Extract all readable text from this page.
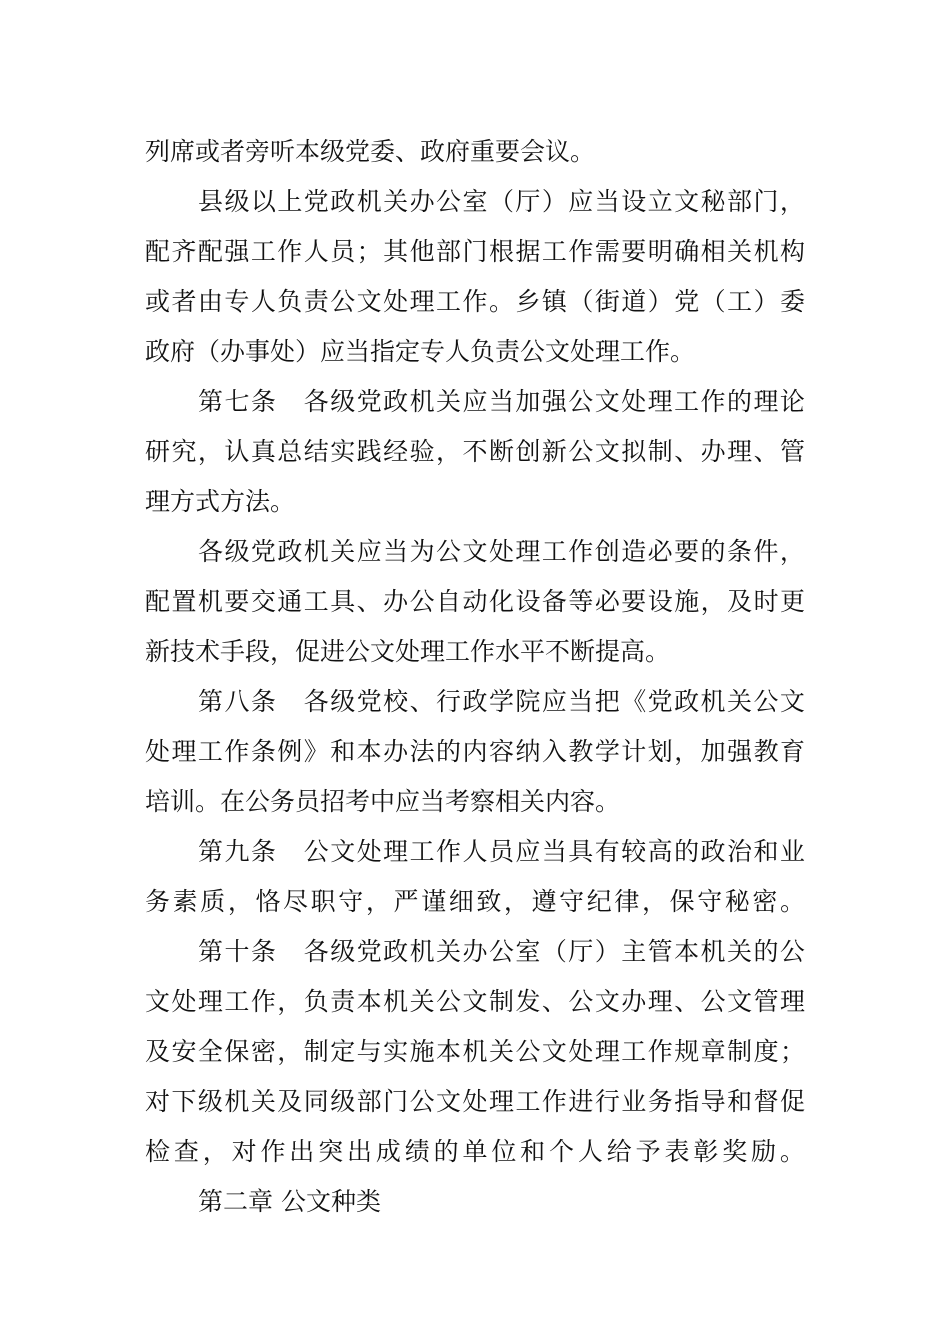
列席或者旁听本级党委、政府重要会议。
县级以上党政机关办公室（厅）应当设立文秘部门，
配齐配强工作人员；其他部门根据工作需要明确相关机构
或者由专人负责公文处理工作。乡镇（街道）党（工）委
政府（办事处）应当指定专人负责公文处理工作。
第七条　各级党政机关应当加强公文处理工作的理论
研究，认真总结实践经验，不断创新公文拟制、办理、管
理方式方法。
各级党政机关应当为公文处理工作创造必要的条件，
配置机要交通工具、办公自动化设备等必要设施，及时更
新技术手段，促进公文处理工作水平不断提高。
第八条　各级党校、行政学院应当把《党政机关公文
处理工作条例》和本办法的内容纳入教学计划，加强教育
培训。在公务员招考中应当考察相关内容。
第九条　公文处理工作人员应当具有较高的政治和业
务素质，恪尽职守，严谨细致，遵守纪律，保守秘密。
第十条　各级党政机关办公室（厅）主管本机关的公
文处理工作，负责本机关公文制发、公文办理、公文管理
及安全保密，制定与实施本机关公文处理工作规章制度；
对下级机关及同级部门公文处理工作进行业务指导和督促
检查，对作出突出成绩的单位和个人给予表彰奖励。
第二章 公文种类
